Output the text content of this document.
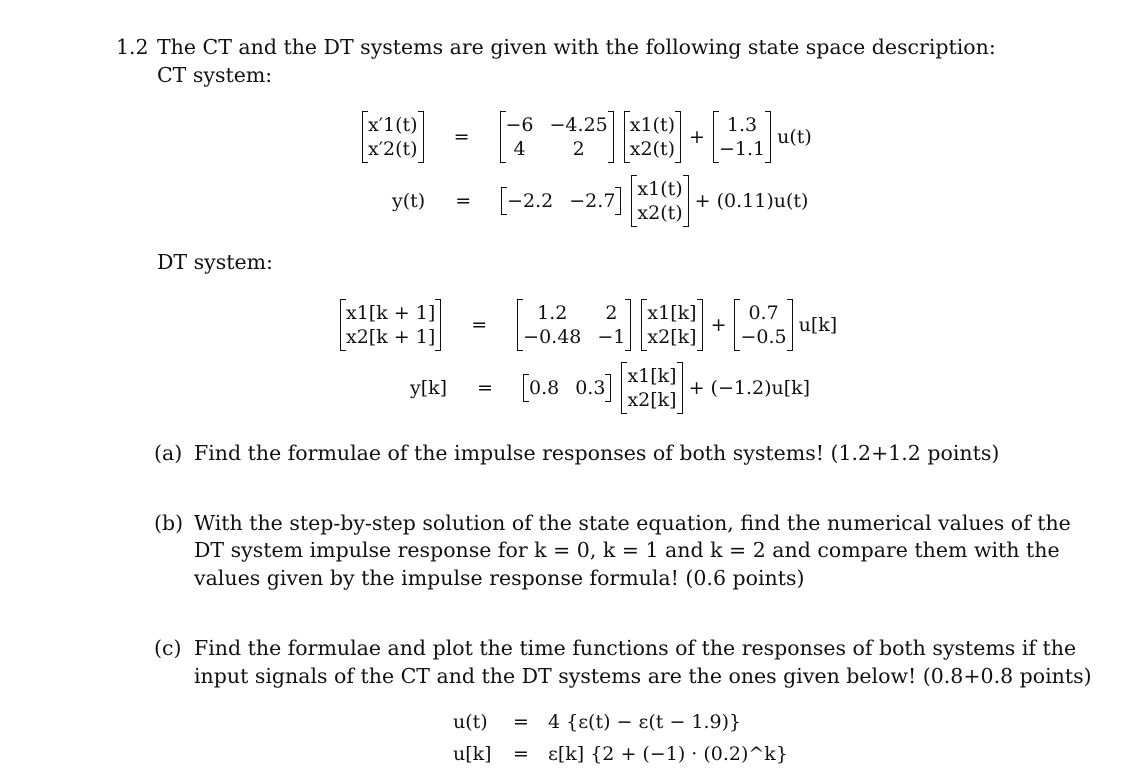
1.2 The CT and the DT systems are given with the following state space description:
CT system:
x′1(t)
x′2(t)
=
−6 −4.25
4	2
x1(t)
x2(t)
+
1.3
−1.1
u(t)
y(t) = −2.2 −2.7
x1(t)
x2(t)
+ (0.11)u(t)
DT system:
x1[k + 1]
x2[k + 1]
=
1.2	2
−0.48 −1
x1[k]
x2[k]
+
0.7
−0.5
u[k]
y[k] = 0.8 0.3
x1[k]
x2[k]
+ (−1.2)u[k]
(a) Find the formulae of the impulse responses of both systems! (1.2+1.2 points)
(b) With the step-by-step solution of the state equation, find the numerical values of the
DT system impulse response for k = 0, k = 1 and k = 2 and compare them with the
values given by the impulse response formula! (0.6 points)
(c) Find the formulae and plot the time functions of the responses of both systems if the
input signals of the CT and the DT systems are the ones given below! (0.8+0.8 points)
u(t) = 4 {ε(t) − ε(t − 1.9)}
u[k] = ε[k] {2 + (−1) · (0.2)^k}
